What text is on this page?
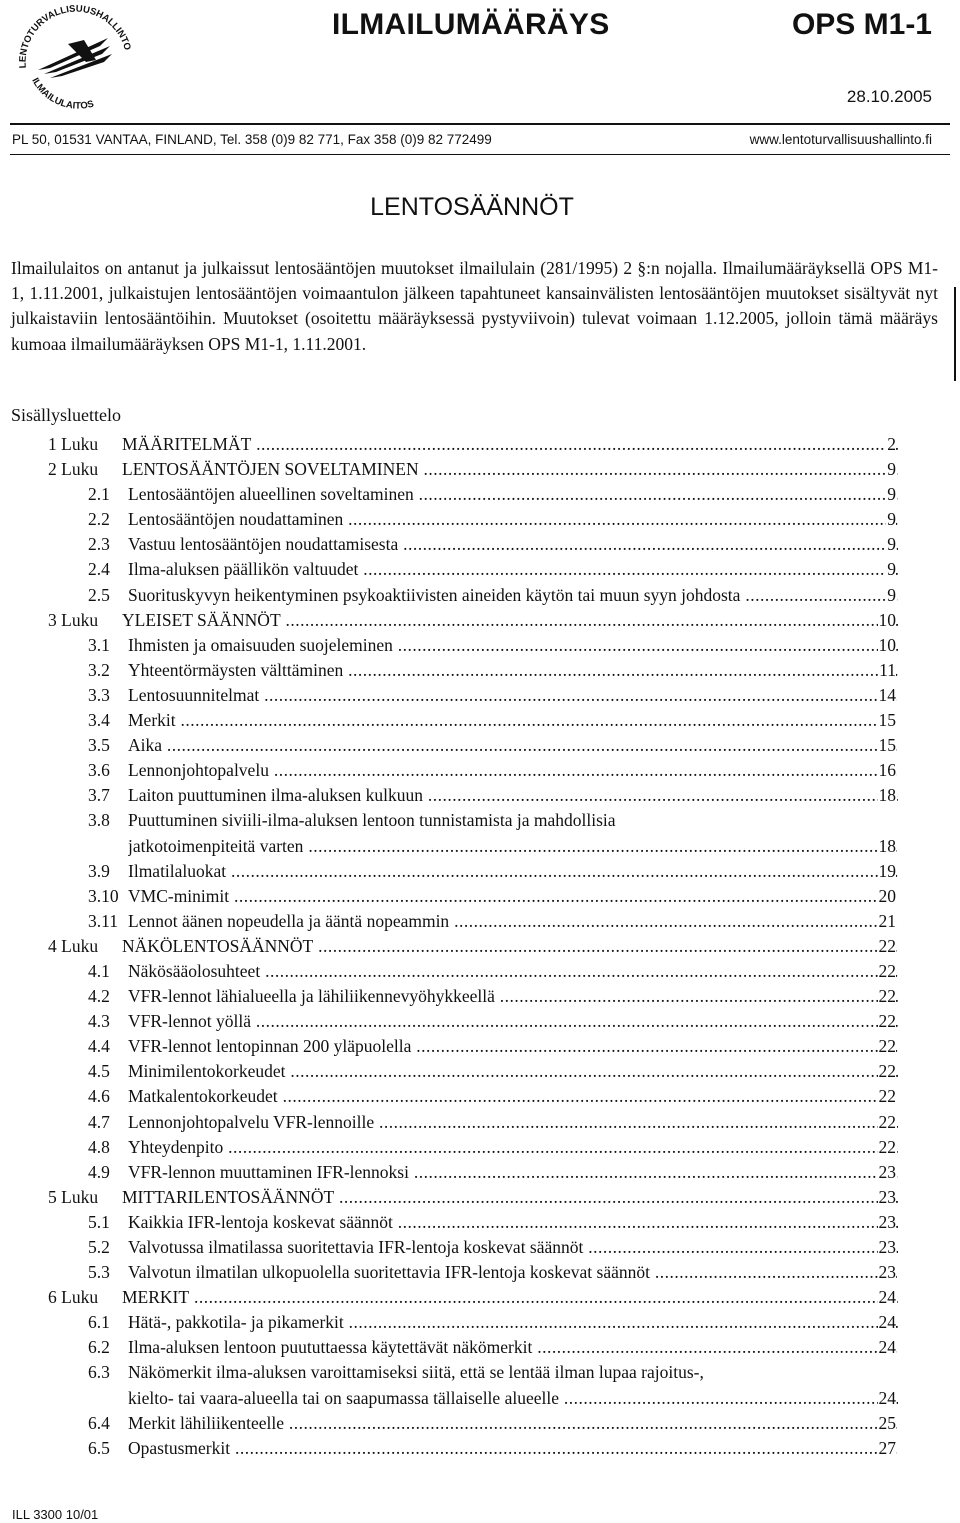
LENTOTURVALLISUUSHALLINTO
ILMAILULAITOS
ILMAILUMÄÄRÄYS	OPS M1-1
28.10.2005
PL 50, 01531 VANTAA, FINLAND, Tel. 358 (0)9 82 771, Fax 358 (0)9 82 772499	www.lentoturvallisuushallinto.fi
LENTOSÄÄNNÖT

Ilmailulaitos on antanut ja julkaissut lentosääntöjen muutokset ilmailulain (281/1995) 2 §:n nojalla. Ilmailumääräyksellä OPS M1-1, 1.11.2001, julkaistujen lentosääntöjen voimaantulon jälkeen tapahtuneet kansainvälisten lentosääntöjen muutokset sisältyvät nyt julkaistaviin lentosääntöihin. Muutokset (osoitettu määräyksessä pystyviivoin) tulevat voimaan 1.12.2005, jolloin tämä määräys kumoaa ilmailumääräyksen OPS M1-1, 1.11.2001.

Sisällysluettelo
1 Luku MÄÄRITELMÄT .....	2
2 Luku LENTOSÄÄNTÖJEN SOVELTAMINEN .....	9
2.1 Lentosääntöjen alueellinen soveltaminen .....	9
2.2 Lentosääntöjen noudattaminen .....	9
2.3 Vastuu lentosääntöjen noudattamisesta .....	9
2.4 Ilma-aluksen päällikön valtuudet .....	9
2.5 Suorituskyvyn heikentyminen psykoaktiivisten aineiden käytön tai muun syyn johdosta .....	9
3 Luku YLEISET SÄÄNNÖT .....	10
3.1 Ihmisten ja omaisuuden suojeleminen .....	10
3.2 Yhteentörmäysten välttäminen .....	11
3.3 Lentosuunnitelmat .....	14
3.4 Merkit .....	15
3.5 Aika .....	15
3.6 Lennonjohtopalvelu .....	16
3.7 Laiton puuttuminen ilma-aluksen kulkuun .....	18
3.8 Puuttuminen siviili-ilma-aluksen lentoon tunnistamista ja mahdollisia
jatkotoimenpiteitä varten .....	18
3.9 Ilmatilaluokat .....	19
3.10 VMC-minimit .....	20
3.11 Lennot äänen nopeudella ja ääntä nopeammin .....	21
4 Luku NÄKÖLENTOSÄÄNNÖT .....	22
4.1 Näkösääolosuhteet .....	22
4.2 VFR-lennot lähialueella ja lähiliikennevyöhykkeellä .....	22
4.3 VFR-lennot yöllä .....	22
4.4 VFR-lennot lentopinnan 200 yläpuolella .....	22
4.5 Minimilentokorkeudet .....	22
4.6 Matkalentokorkeudet .....	22
4.7 Lennonjohtopalvelu VFR-lennoille .....	22
4.8 Yhteydenpito .....	22
4.9 VFR-lennon muuttaminen IFR-lennoksi .....	23
5 Luku MITTARILENTOSÄÄNNÖT .....	23
5.1 Kaikkia IFR-lentoja koskevat säännöt .....	23
5.2 Valvotussa ilmatilassa suoritettavia IFR-lentoja koskevat säännöt .....	23
5.3 Valvotun ilmatilan ulkopuolella suoritettavia IFR-lentoja koskevat säännöt .....	23
6 Luku MERKIT .....	24
6.1 Hätä-, pakkotila- ja pikamerkit .....	24
6.2 Ilma-aluksen lentoon puututtaessa käytettävät näkömerkit .....	24
6.3 Näkömerkit ilma-aluksen varoittamiseksi siitä, että se lentää ilman lupaa rajoitus-,
kielto- tai vaara-alueella tai on saapumassa tällaiselle alueelle .....	24
6.4 Merkit lähiliikenteelle .....	25
6.5 Opastusmerkit .....	27
ILL 3300 10/01
